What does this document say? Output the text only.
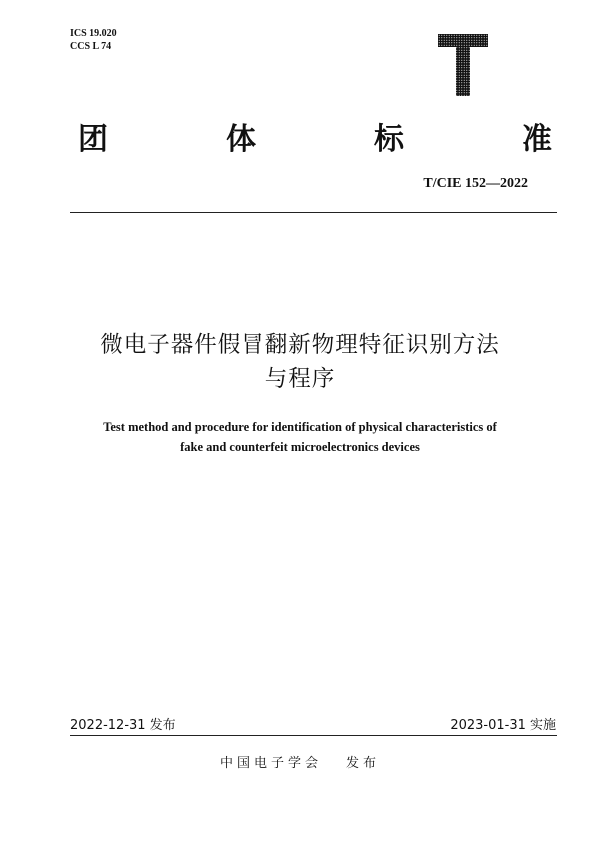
ICS 19.020
CCS L 74
团	体	标	准
T/CIE 152—2022
微电子器件假冒翻新物理特征识别方法
与程序
Test method and procedure for identification of physical characteristics of
fake and counterfeit microelectronics devices
2022-12-31 发布	2023-01-31 实施
中国电子学会 发布
